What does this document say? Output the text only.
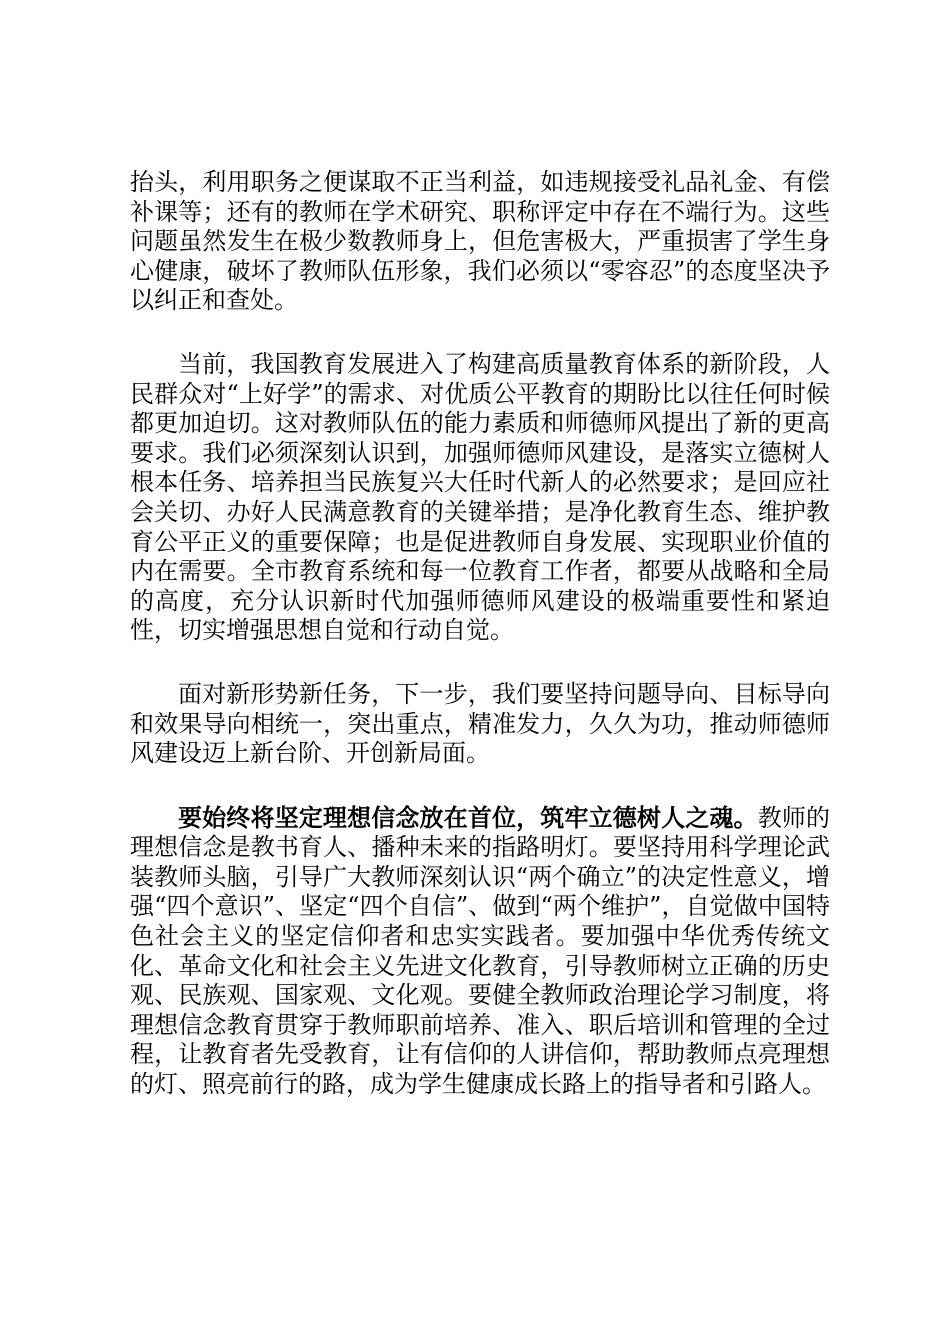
抬头，利用职务之便谋取不正当利益，如违规接受礼品礼金、有偿补课等；还有的教师在学术研究、职称评定中存在不端行为。这些问题虽然发生在极少数教师身上，但危害极大，严重损害了学生身心健康，破坏了教师队伍形象，我们必须以“零容忍”的态度坚决予以纠正和查处。

当前，我国教育发展进入了构建高质量教育体系的新阶段，人民群众对“上好学”的需求、对优质公平教育的期盼比以往任何时候都更加迫切。这对教师队伍的能力素质和师德师风提出了新的更高要求。我们必须深刻认识到，加强师德师风建设，是落实立德树人根本任务、培养担当民族复兴大任时代新人的必然要求；是回应社会关切、办好人民满意教育的关键举措；是净化教育生态、维护教育公平正义的重要保障；也是促进教师自身发展、实现职业价值的内在需要。全市教育系统和每一位教育工作者，都要从战略和全局的高度，充分认识新时代加强师德师风建设的极端重要性和紧迫性，切实增强思想自觉和行动自觉。

面对新形势新任务，下一步，我们要坚持问题导向、目标导向和效果导向相统一，突出重点，精准发力，久久为功，推动师德师风建设迈上新台阶、开创新局面。

要始终将坚定理想信念放在首位，筑牢立德树人之魂。教师的理想信念是教书育人、播种未来的指路明灯。要坚持用科学理论武装教师头脑，引导广大教师深刻认识“两个确立”的决定性意义，增强“四个意识”、坚定“四个自信”、做到“两个维护”，自觉做中国特色社会主义的坚定信仰者和忠实实践者。要加强中华优秀传统文化、革命文化和社会主义先进文化教育，引导教师树立正确的历史观、民族观、国家观、文化观。要健全教师政治理论学习制度，将理想信念教育贯穿于教师职前培养、准入、职后培训和管理的全过程，让教育者先受教育，让有信仰的人讲信仰，帮助教师点亮理想的灯、照亮前行的路，成为学生健康成长路上的指导者和引路人。
